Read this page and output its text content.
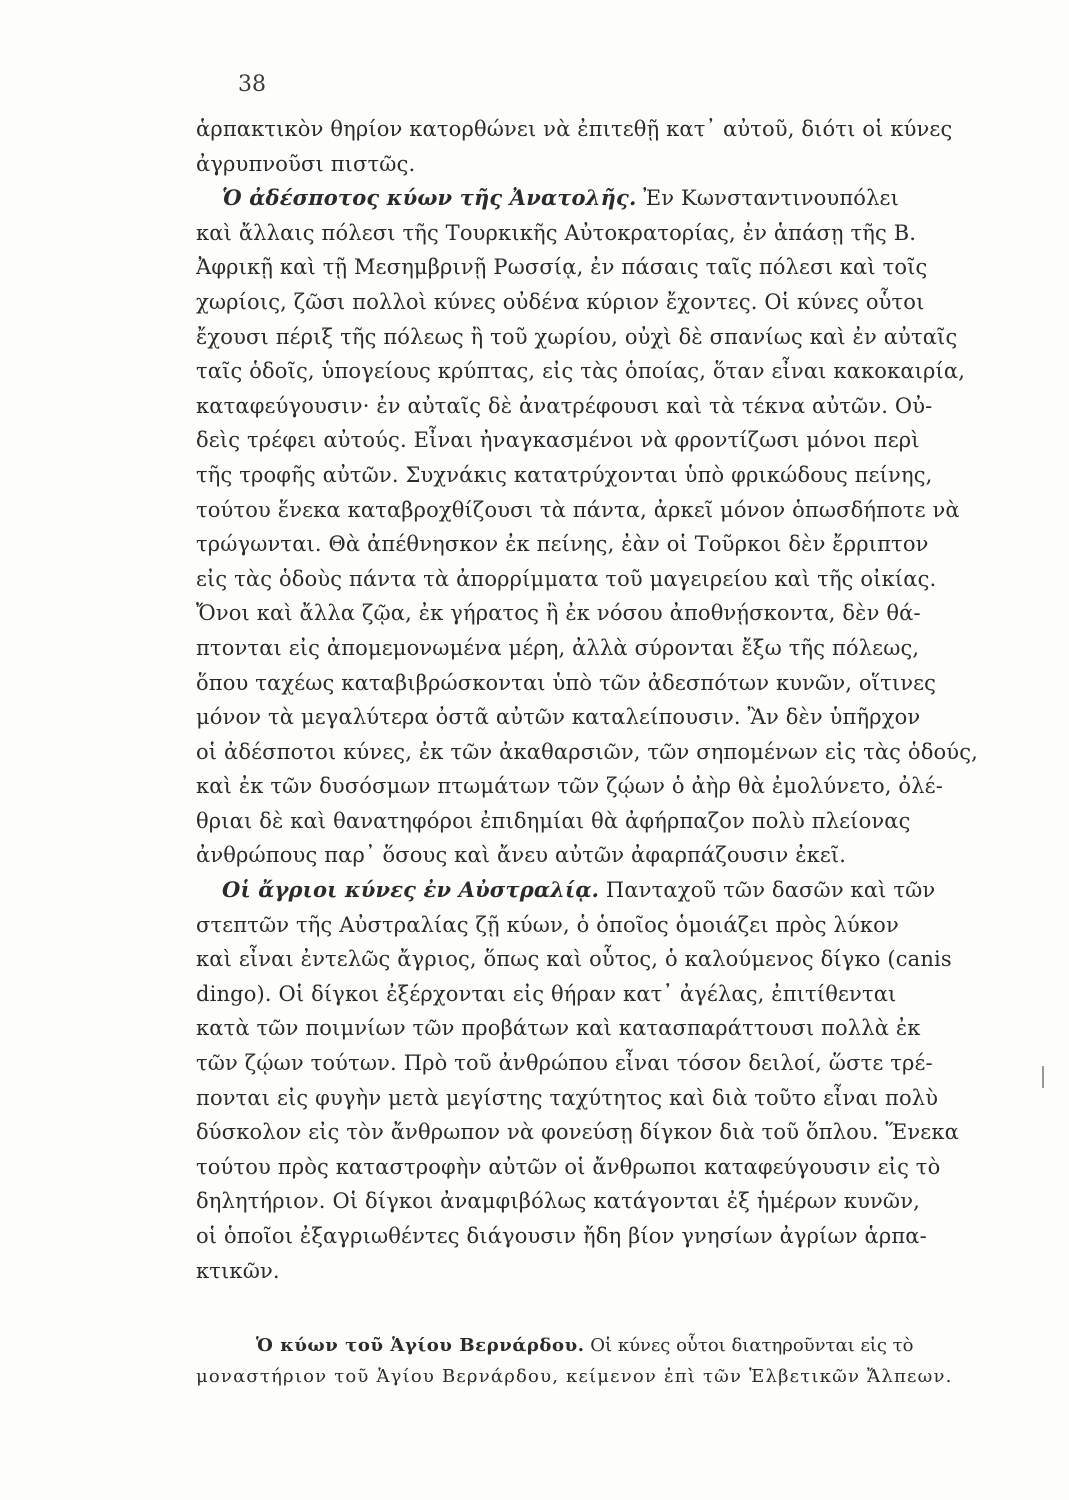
38
ἁρπακτικὸν θηρίον κατορθώνει νὰ ἐπιτεθῇ κατ᾽ αὐτοῦ, διότι οἱ κύνες
ἀγρυπνοῦσι πιστῶς.
Ὁ ἀδέσποτος κύων τῆς Ἀνατολῆς. Ἐν Κωνσταντινουπόλει
καὶ ἄλλαις πόλεσι τῆς Τουρκικῆς Αὐτοκρατορίας, ἐν ἁπάσῃ τῆς Β.
Ἀφρικῇ καὶ τῇ Μεσημβρινῇ Ρωσσίᾳ, ἐν πάσαις ταῖς πόλεσι καὶ τοῖς
χωρίοις, ζῶσι πολλοὶ κύνες οὐδένα κύριον ἔχοντες. Οἱ κύνες οὗτοι
ἔχουσι πέριξ τῆς πόλεως ἢ τοῦ χωρίου, οὐχὶ δὲ σπανίως καὶ ἐν αὐταῖς
ταῖς ὁδοῖς, ὑπογείους κρύπτας, εἰς τὰς ὁποίας, ὅταν εἶναι κακοκαιρία,
καταφεύγουσιν· ἐν αὐταῖς δὲ ἀνατρέφουσι καὶ τὰ τέκνα αὐτῶν. Οὐ-
δεὶς τρέφει αὐτούς. Εἶναι ἠναγκασμένοι νὰ φροντίζωσι μόνοι περὶ
τῆς τροφῆς αὐτῶν. Συχνάκις κατατρύχονται ὑπὸ φρικώδους πείνης,
τούτου ἕνεκα καταβροχθίζουσι τὰ πάντα, ἀρκεῖ μόνον ὁπωσδήποτε νὰ
τρώγωνται. Θὰ ἀπέθνησκον ἐκ πείνης, ἐὰν οἱ Τοῦρκοι δὲν ἔρριπτον
εἰς τὰς ὁδοὺς πάντα τὰ ἀπορρίμματα τοῦ μαγειρείου καὶ τῆς οἰκίας.
Ὄνοι καὶ ἄλλα ζῷα, ἐκ γήρατος ἢ ἐκ νόσου ἀποθνῄσκοντα, δὲν θά-
πτονται εἰς ἀπομεμονωμένα μέρη, ἀλλὰ σύρονται ἔξω τῆς πόλεως,
ὅπου ταχέως καταβιβρώσκονται ὑπὸ τῶν ἀδεσπότων κυνῶν, οἵτινες
μόνον τὰ μεγαλύτερα ὀστᾶ αὐτῶν καταλείπουσιν. Ἂν δὲν ὑπῆρχον
οἱ ἀδέσποτοι κύνες, ἐκ τῶν ἀκαθαρσιῶν, τῶν σηπομένων εἰς τὰς ὁδούς,
καὶ ἐκ τῶν δυσόσμων πτωμάτων τῶν ζῴων ὁ ἀὴρ θὰ ἐμολύνετο, ὀλέ-
θριαι δὲ καὶ θανατηφόροι ἐπιδημίαι θὰ ἀφήρπαζον πολὺ πλείονας
ἀνθρώπους παρ᾽ ὅσους καὶ ἄνευ αὐτῶν ἀφαρπάζουσιν ἐκεῖ.
Οἱ ἄγριοι κύνες ἐν Αὐστραλίᾳ. Πανταχοῦ τῶν δασῶν καὶ τῶν
στεπτῶν τῆς Αὐστραλίας ζῇ κύων, ὁ ὁποῖος ὁμοιάζει πρὸς λύκον
καὶ εἶναι ἐντελῶς ἄγριος, ὅπως καὶ οὗτος, ὁ καλούμενος δίγκο (canis
dingo). Οἱ δίγκοι ἐξέρχονται εἰς θήραν κατ᾽ ἀγέλας, ἐπιτίθενται
κατὰ τῶν ποιμνίων τῶν προβάτων καὶ κατασπαράττουσι πολλὰ ἐκ
τῶν ζῴων τούτων. Πρὸ τοῦ ἀνθρώπου εἶναι τόσον δειλοί, ὥστε τρέ-
πονται εἰς φυγὴν μετὰ μεγίστης ταχύτητος καὶ διὰ τοῦτο εἶναι πολὺ
δύσκολον εἰς τὸν ἄνθρωπον νὰ φονεύσῃ δίγκον διὰ τοῦ ὅπλου. Ἕνεκα
τούτου πρὸς καταστροφὴν αὐτῶν οἱ ἄνθρωποι καταφεύγουσιν εἰς τὸ
δηλητήριον. Οἱ δίγκοι ἀναμφιβόλως κατάγονται ἐξ ἡμέρων κυνῶν,
οἱ ὁποῖοι ἐξαγριωθέντες διάγουσιν ἤδη βίον γνησίων ἀγρίων ἁρπα-
κτικῶν.
Ὁ κύων τοῦ Ἁγίου Βερνάρδου. Οἱ κύνες οὗτοι διατηροῦνται εἰς τὸ
μοναστήριον τοῦ Ἁγίου Βερνάρδου, κείμενον ἐπὶ τῶν Ἑλβετικῶν Ἄλπεων.
